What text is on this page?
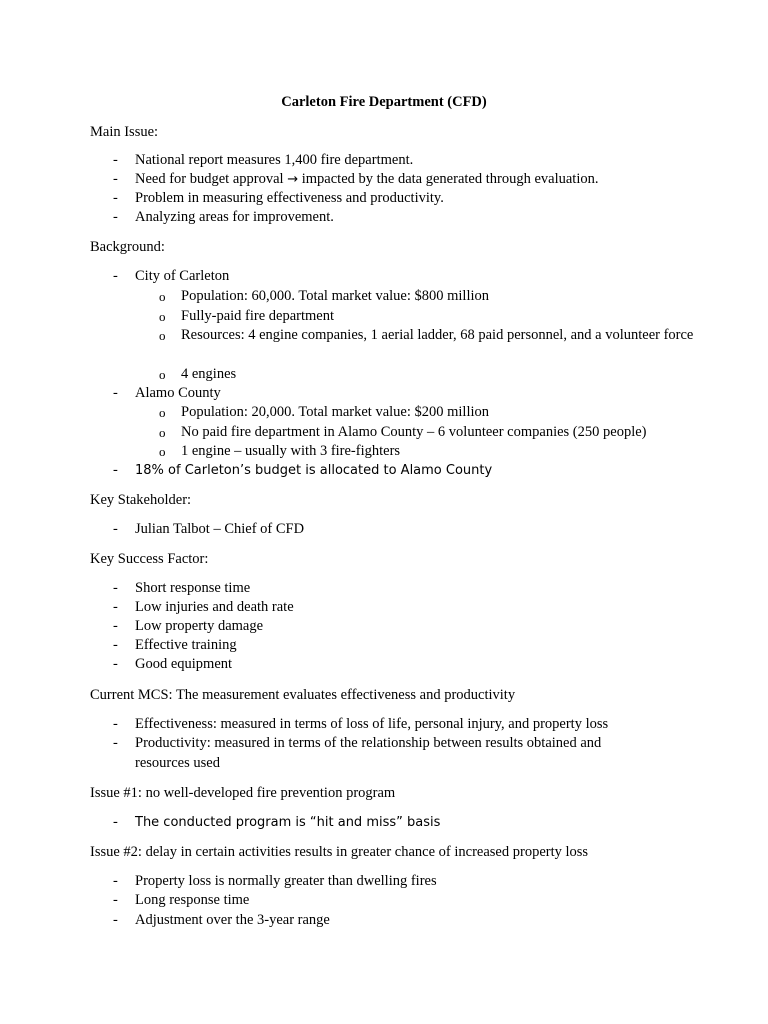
Carleton Fire Department (CFD)
Main Issue:
- National report measures 1,400 fire department.
- Need for budget approval → impacted by the data generated through evaluation.
- Problem in measuring effectiveness and productivity.
- Analyzing areas for improvement.
Background:
- City of Carleton
o Population: 60,000. Total market value: $800 million
o Fully-paid fire department
o Resources: 4 engine companies, 1 aerial ladder, 68 paid personnel, and a volunteer force
o 4 engines
- Alamo County
o Population: 20,000. Total market value: $200 million
o No paid fire department in Alamo County – 6 volunteer companies (250 people)
o 1 engine – usually with 3 fire-fighters
- 18% of Carleton’s budget is allocated to Alamo County
Key Stakeholder:
- Julian Talbot – Chief of CFD
Key Success Factor:
- Short response time
- Low injuries and death rate
- Low property damage
- Effective training
- Good equipment
Current MCS: The measurement evaluates effectiveness and productivity
- Effectiveness: measured in terms of loss of life, personal injury, and property loss
- Productivity: measured in terms of the relationship between results obtained and resources used
Issue #1: no well-developed fire prevention program
- The conducted program is “hit and miss” basis
Issue #2: delay in certain activities results in greater chance of increased property loss
- Property loss is normally greater than dwelling fires
- Long response time
- Adjustment over the 3-year range
